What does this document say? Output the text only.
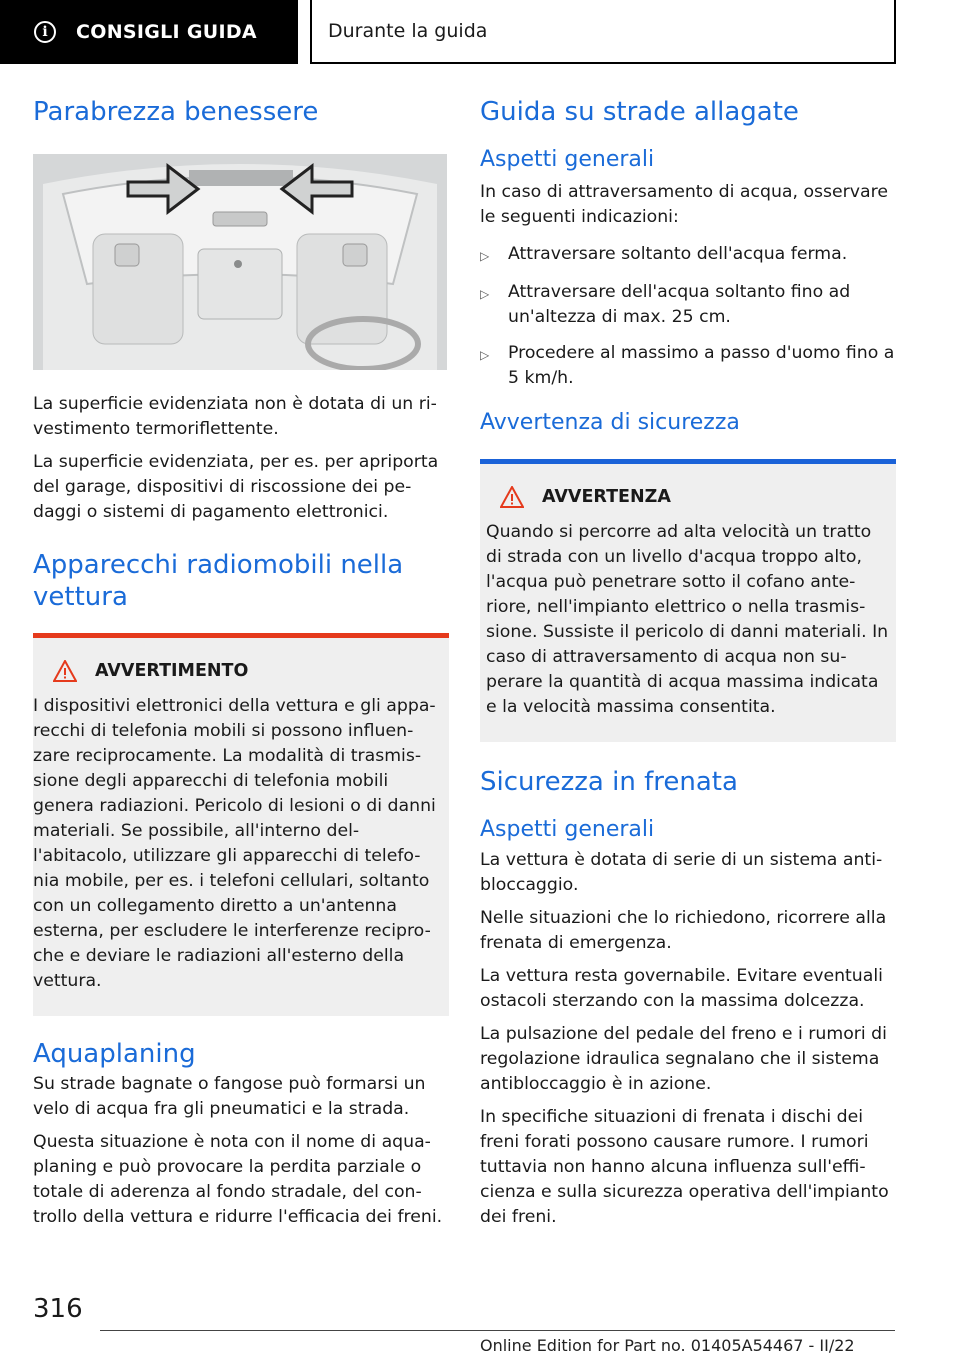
i	CONSIGLI GUIDA	Durante la guida
Parabrezza benessere

La superficie evidenziata non è dotata di un ri-vestimento termoriflettente.

La superficie evidenziata, per es. per apriporta del garage, dispositivi di riscossione dei pe-daggi o sistemi di pagamento elettronici.

Apparecchi radiomobili nella vettura
AVVERTIMENTO

I dispositivi elettronici della vettura e gli appa-recchi di telefonia mobili si possono influen-zare reciprocamente. La modalità di trasmis-sione degli apparecchi di telefonia mobili genera radiazioni. Pericolo di lesioni o di danni materiali. Se possibile, all'interno del-l'abitacolo, utilizzare gli apparecchi di telefo-nia mobile, per es. i telefoni cellulari, soltanto con un collegamento diretto a un'antenna esterna, per escludere le interferenze recipro-che e deviare le radiazioni all'esterno della vettura.

Aquaplaning

Su strade bagnate o fangose può formarsi un velo di acqua fra gli pneumatici e la strada.

Questa situazione è nota con il nome di aqua-planing e può provocare la perdita parziale o totale di aderenza al fondo stradale, del con-trollo della vettura e ridurre l'efficacia dei freni.

Guida su strade allagate
Aspetti generali

In caso di attraversamento di acqua, osservare le seguenti indicazioni:

▷	Attraversare soltanto dell'acqua ferma.
▷	Attraversare dell'acqua soltanto fino ad un'altezza di max. 25 cm.
▷	Procedere al massimo a passo d'uomo fino a 5 km/h.
Avvertenza di sicurezza
AVVERTENZA

Quando si percorre ad alta velocità un tratto di strada con un livello d'acqua troppo alto, l'acqua può penetrare sotto il cofano ante-riore, nell'impianto elettrico o nella trasmis-sione. Sussiste il pericolo di danni materiali. In caso di attraversamento di acqua non su-perare la quantità di acqua massima indicata e la velocità massima consentita.

Sicurezza in frenata
Aspetti generali

La vettura è dotata di serie di un sistema anti-bloccaggio.

Nelle situazioni che lo richiedono, ricorrere alla frenata di emergenza.

La vettura resta governabile. Evitare eventuali ostacoli sterzando con la massima dolcezza.

La pulsazione del pedale del freno e i rumori di regolazione idraulica segnalano che il sistema antibloccaggio è in azione.

In specifiche situazioni di frenata i dischi dei freni forati possono causare rumore. I rumori tuttavia non hanno alcuna influenza sull'effi-cienza e sulla sicurezza operativa dell'impianto dei freni.

316
Online Edition for Part no. 01405A54467 - II/22
